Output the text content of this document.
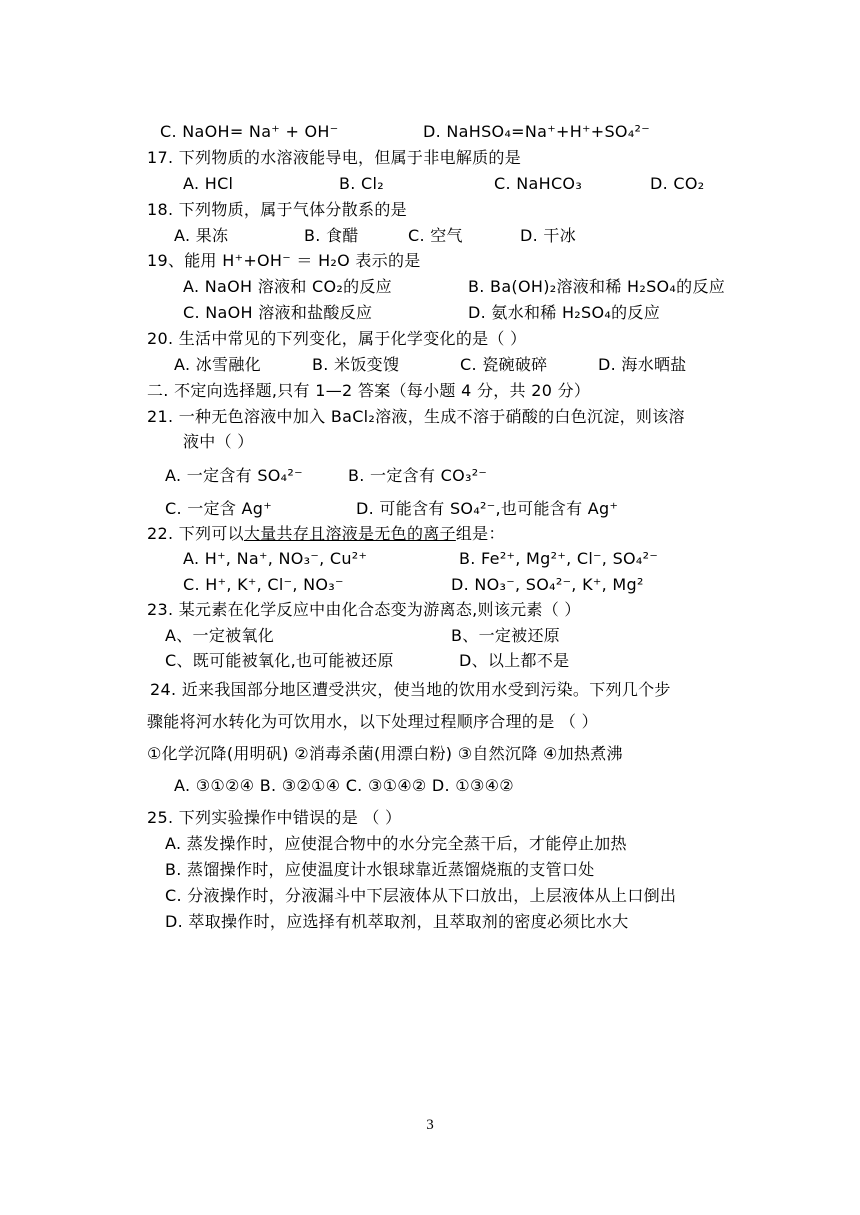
C. NaOH= Na⁺ + OH⁻	D. NaHSO₄=Na⁺+H⁺+SO₄²⁻
17. 下列物质的水溶液能导电，但属于非电解质的是
A. HCl	B. Cl₂	C. NaHCO₃	D. CO₂
18. 下列物质，属于气体分散系的是
A. 果冻	B. 食醋	C. 空气	D. 干冰
19、能用 H⁺+OH⁻ ＝ H₂O 表示的是
A. NaOH 溶液和 CO₂的反应	B. Ba(OH)₂溶液和稀 H₂SO₄的反应
C. NaOH 溶液和盐酸反应	D. 氨水和稀 H₂SO₄的反应
20. 生活中常见的下列变化，属于化学变化的是（ ）
A. 冰雪融化	B. 米饭变馊	C. 瓷碗破碎	D. 海水晒盐
二. 不定向选择题,只有 1—2 答案（每小题 4 分，共 20 分）
21. 一种无色溶液中加入 BaCl₂溶液，生成不溶于硝酸的白色沉淀，则该溶
液中（ ）
A. 一定含有 SO₄²⁻	B. 一定含有 CO₃²⁻
C. 一定含 Ag⁺	D. 可能含有 SO₄²⁻,也可能含有 Ag⁺
22. 下列可以大量共存且溶液是无色的离子组是：
A. H⁺, Na⁺, NO₃⁻, Cu²⁺	B. Fe²⁺, Mg²⁺, Cl⁻, SO₄²⁻
C. H⁺, K⁺, Cl⁻, NO₃⁻	D. NO₃⁻, SO₄²⁻, K⁺, Mg²
23. 某元素在化学反应中由化合态变为游离态,则该元素（ ）
A、一定被氧化	B、一定被还原
C、既可能被氧化,也可能被还原	D、以上都不是
24. 近来我国部分地区遭受洪灾，使当地的饮用水受到污染。下列几个步
骤能将河水转化为可饮用水，以下处理过程顺序合理的是 （ ）
①化学沉降(用明矾) ②消毒杀菌(用漂白粉) ③自然沉降 ④加热煮沸
A. ③①②④ B. ③②①④ C. ③①④② D. ①③④②
25. 下列实验操作中错误的是 （ ）
A. 蒸发操作时，应使混合物中的水分完全蒸干后，才能停止加热
B. 蒸馏操作时，应使温度计水银球靠近蒸馏烧瓶的支管口处
C. 分液操作时，分液漏斗中下层液体从下口放出，上层液体从上口倒出
D. 萃取操作时，应选择有机萃取剂，且萃取剂的密度必须比水大
3
